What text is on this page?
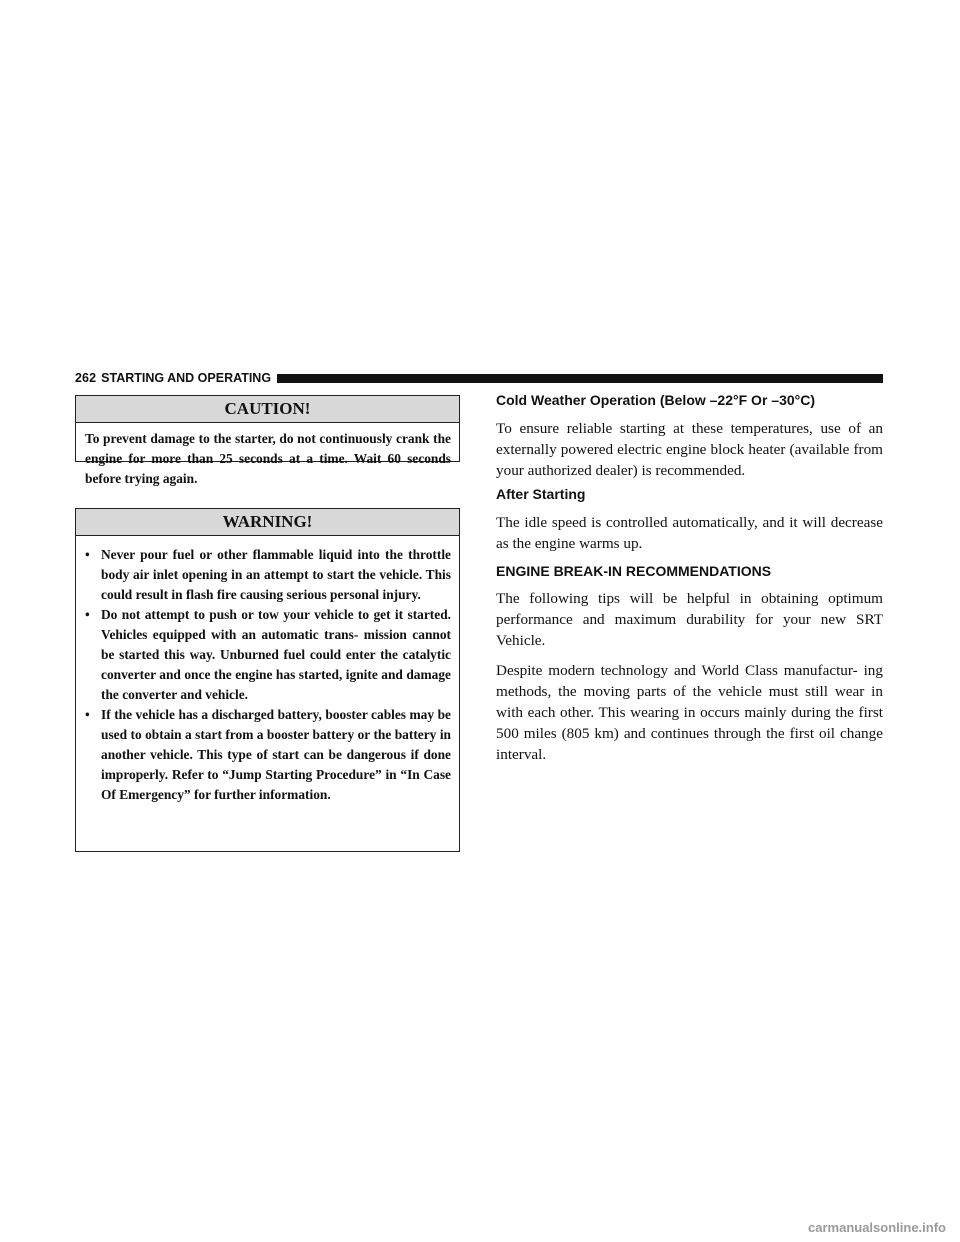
262 STARTING AND OPERATING
CAUTION!
To prevent damage to the starter, do not continuously crank the engine for more than 25 seconds at a time. Wait 60 seconds before trying again.
WARNING!
• Never pour fuel or other flammable liquid into the throttle body air inlet opening in an attempt to start the vehicle. This could result in flash fire causing serious personal injury.
• Do not attempt to push or tow your vehicle to get it started. Vehicles equipped with an automatic trans- mission cannot be started this way. Unburned fuel could enter the catalytic converter and once the engine has started, ignite and damage the converter and vehicle.
• If the vehicle has a discharged battery, booster cables may be used to obtain a start from a booster battery or the battery in another vehicle. This type of start can be dangerous if done improperly. Refer to “Jump Starting Procedure” in “In Case Of Emergency” for further information.
Cold Weather Operation (Below –22°F Or –30°C)

To ensure reliable starting at these temperatures, use of an externally powered electric engine block heater (available from your authorized dealer) is recommended.

After Starting

The idle speed is controlled automatically, and it will decrease as the engine warms up.

ENGINE BREAK-IN RECOMMENDATIONS

The following tips will be helpful in obtaining optimum performance and maximum durability for your new SRT Vehicle.

Despite modern technology and World Class manufactur- ing methods, the moving parts of the vehicle must still wear in with each other. This wearing in occurs mainly during the first 500 miles (805 km) and continues through the first oil change interval.

carmanualsonline.info
